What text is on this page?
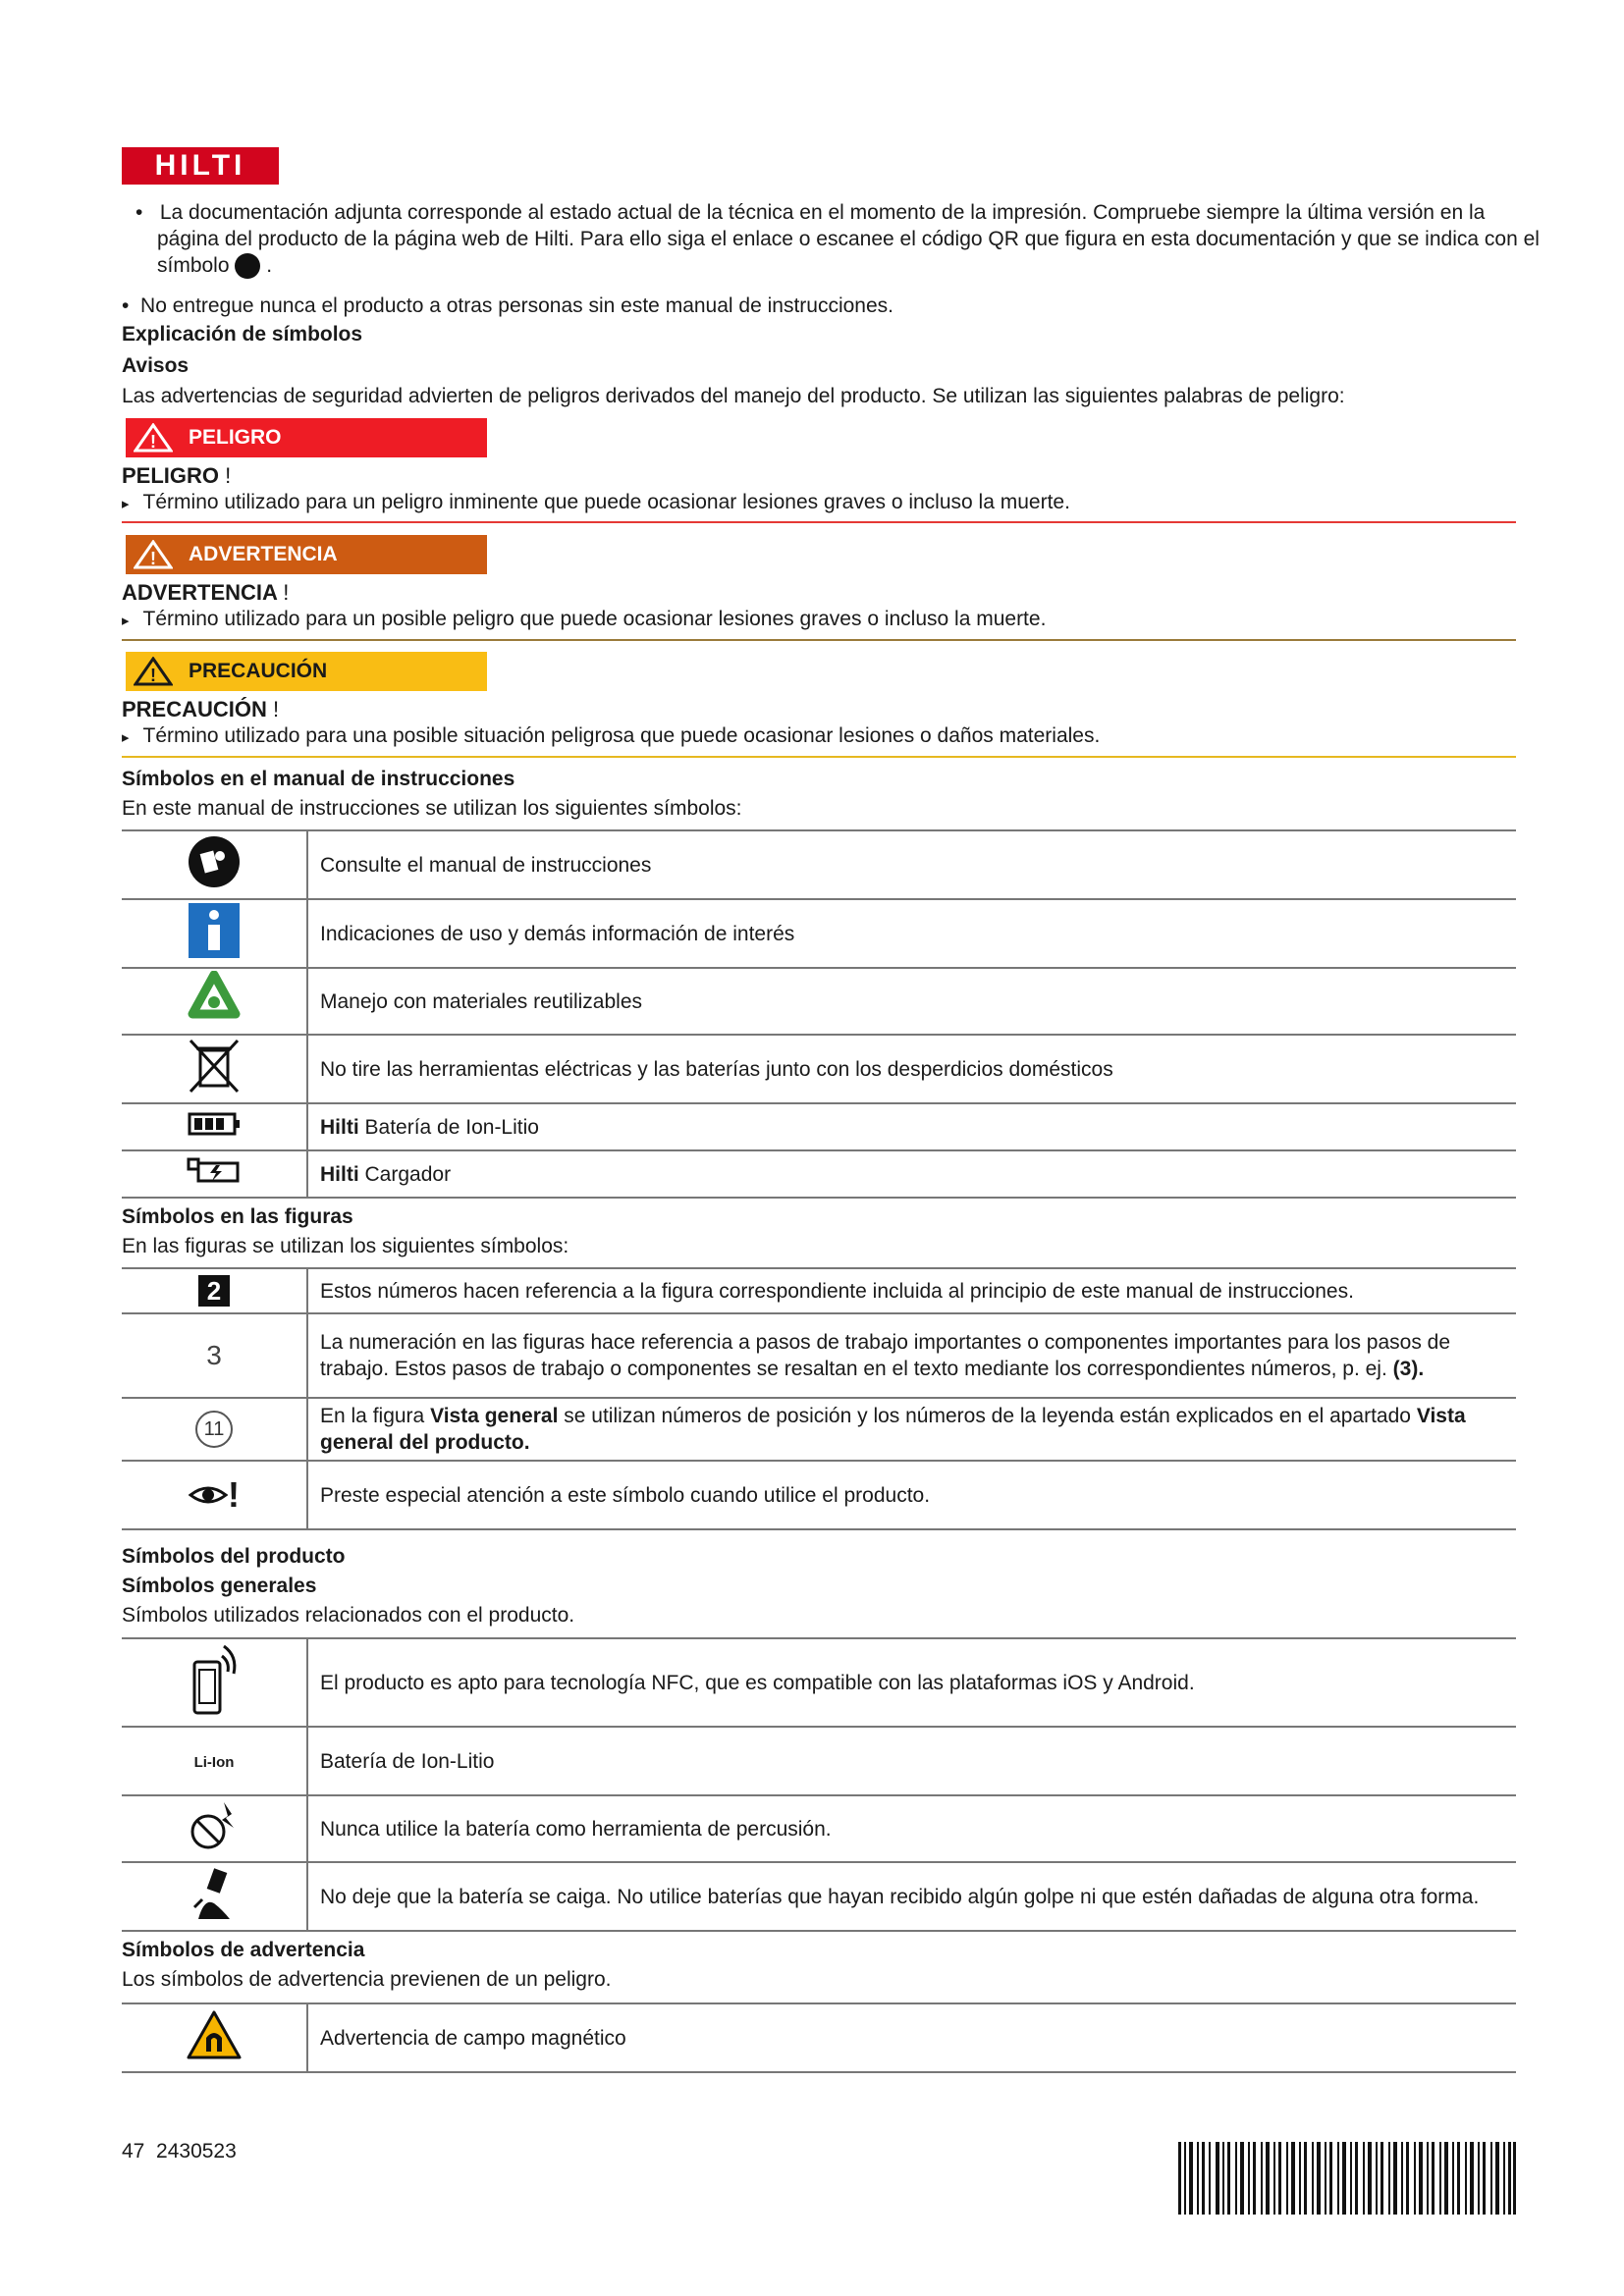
HILTI
•   La documentación adjunta corresponde al estado actual de la técnica en el momento de la impresión. Compruebe siempre la última versión en la página del producto de la página web de Hilti. Para ello siga el enlace o escanee el código QR que figura en esta documentación y que se indica con el símbolo .
•  No entregue nunca el producto a otras personas sin este manual de instrucciones.
Explicación de símbolos
Avisos
Las advertencias de seguridad advierten de peligros derivados del manejo del producto. Se utilizan las siguientes palabras de peligro:
! PELIGRO
PELIGRO !
▸ Término utilizado para un peligro inminente que puede ocasionar lesiones graves o incluso la muerte.
! ADVERTENCIA
ADVERTENCIA !
▸ Término utilizado para un posible peligro que puede ocasionar lesiones graves o incluso la muerte.
! PRECAUCIÓN
PRECAUCIÓN !
▸ Término utilizado para una posible situación peligrosa que puede ocasionar lesiones o daños materiales.
Símbolos en el manual de instrucciones
En este manual de instrucciones se utilizan los siguientes símbolos:
	Consulte el manual de instrucciones
	Indicaciones de uso y demás información de interés
	Manejo con materiales reutilizables
	No tire las herramientas eléctricas y las baterías junto con los desperdicios domésticos
	Hilti Batería de Ion-Litio
	Hilti Cargador
Símbolos en las figuras
En las figuras se utilizan los siguientes símbolos:
2	Estos números hacen referencia a la figura correspondiente incluida al principio de este manual de instrucciones.
3	La numeración en las figuras hace referencia a pasos de trabajo importantes o componentes importantes para los pasos de trabajo. Estos pasos de trabajo o componentes se resaltan en el texto mediante los correspondientes números, p. ej. (3).
11	En la figura Vista general se utilizan números de posición y los números de la leyenda están explicados en el apartado Vista general del producto.
!	Preste especial atención a este símbolo cuando utilice el producto.
Símbolos del producto
Símbolos generales
Símbolos utilizados relacionados con el producto.
	El producto es apto para tecnología NFC, que es compatible con las plataformas iOS y Android.
Li-Ion	Batería de Ion-Litio
	Nunca utilice la batería como herramienta de percusión.
	No deje que la batería se caiga. No utilice baterías que hayan recibido algún golpe ni que estén dañadas de alguna otra forma.
Símbolos de advertencia
Los símbolos de advertencia previenen de un peligro.
	Advertencia de campo magnético
47 2430523
